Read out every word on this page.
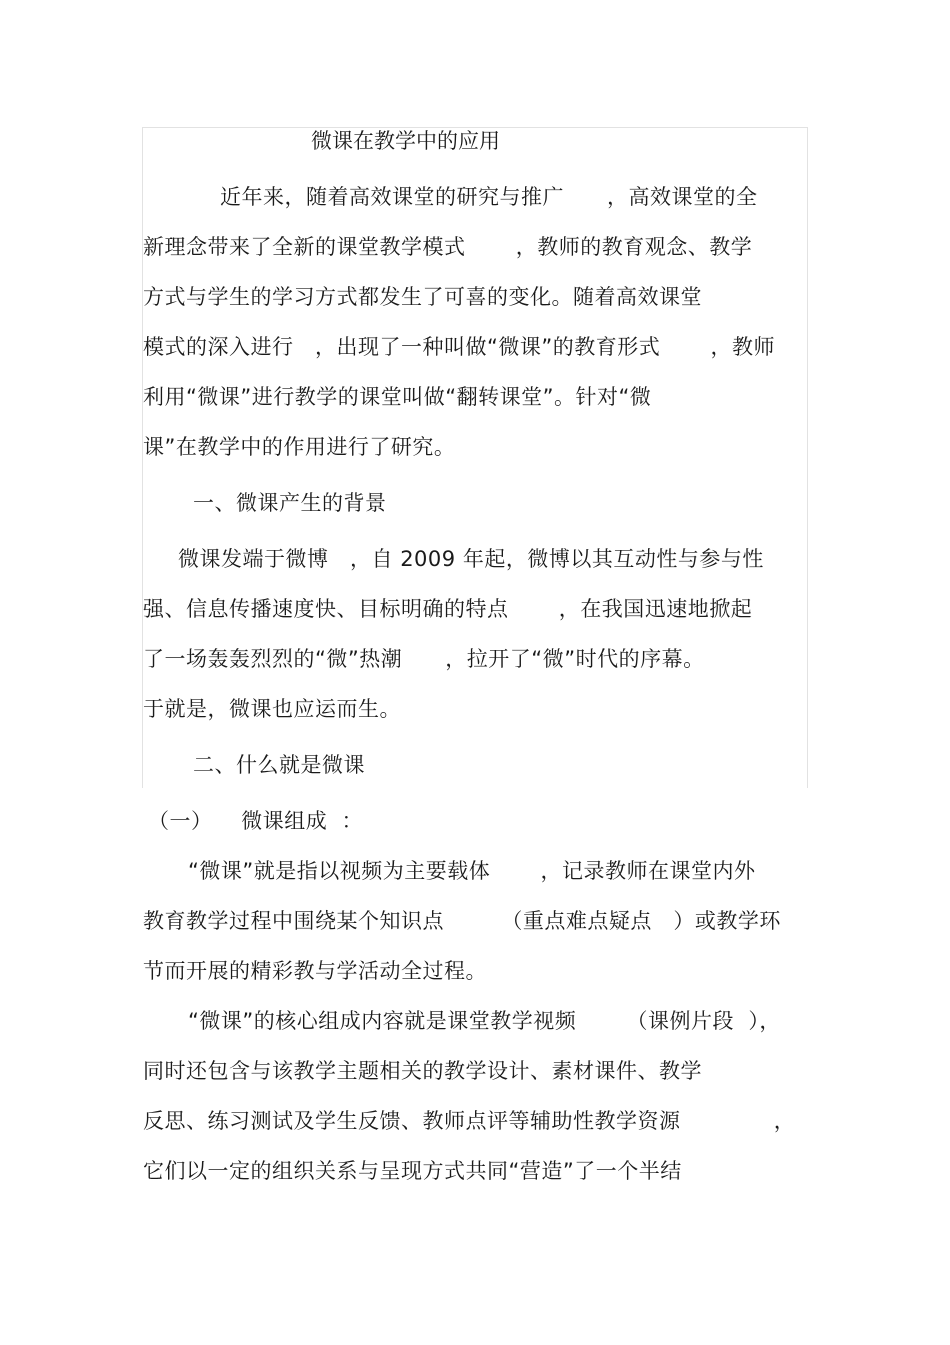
微课在教学中的应用
近年来，随着高效课堂的研究与推广      ，高效课堂的全
新理念带来了全新的课堂教学模式       ，教师的教育观念、教学
方式与学生的学习方式都发生了可喜的变化。随着高效课堂
模式的深入进行   ，出现了一种叫做“微课”的教育形式       ，教师
利用“微课”进行教学的课堂叫做“翻转课堂”。针对“微
课”在教学中的作用进行了研究。
一、微课产生的背景
微课发端于微博   ，自 2009 年起，微博以其互动性与参与性
强、信息传播速度快、目标明确的特点       ，在我国迅速地掀起
了一场轰轰烈烈的“微”热潮      ，拉开了“微”时代的序幕。
于就是，微课也应运而生。
二、什么就是微课
（一）    微课组成  ：
“微课”就是指以视频为主要载体       ，记录教师在课堂内外
教育教学过程中围绕某个知识点        （重点难点疑点   ）或教学环
节而开展的精彩教与学活动全过程。
“微课”的核心组成内容就是课堂教学视频       （课例片段  ），
同时还包含与该教学主题相关的教学设计、素材课件、教学
反思、练习测试及学生反馈、教师点评等辅助性教学资源             ，
它们以一定的组织关系与呈现方式共同“营造”了一个半结
